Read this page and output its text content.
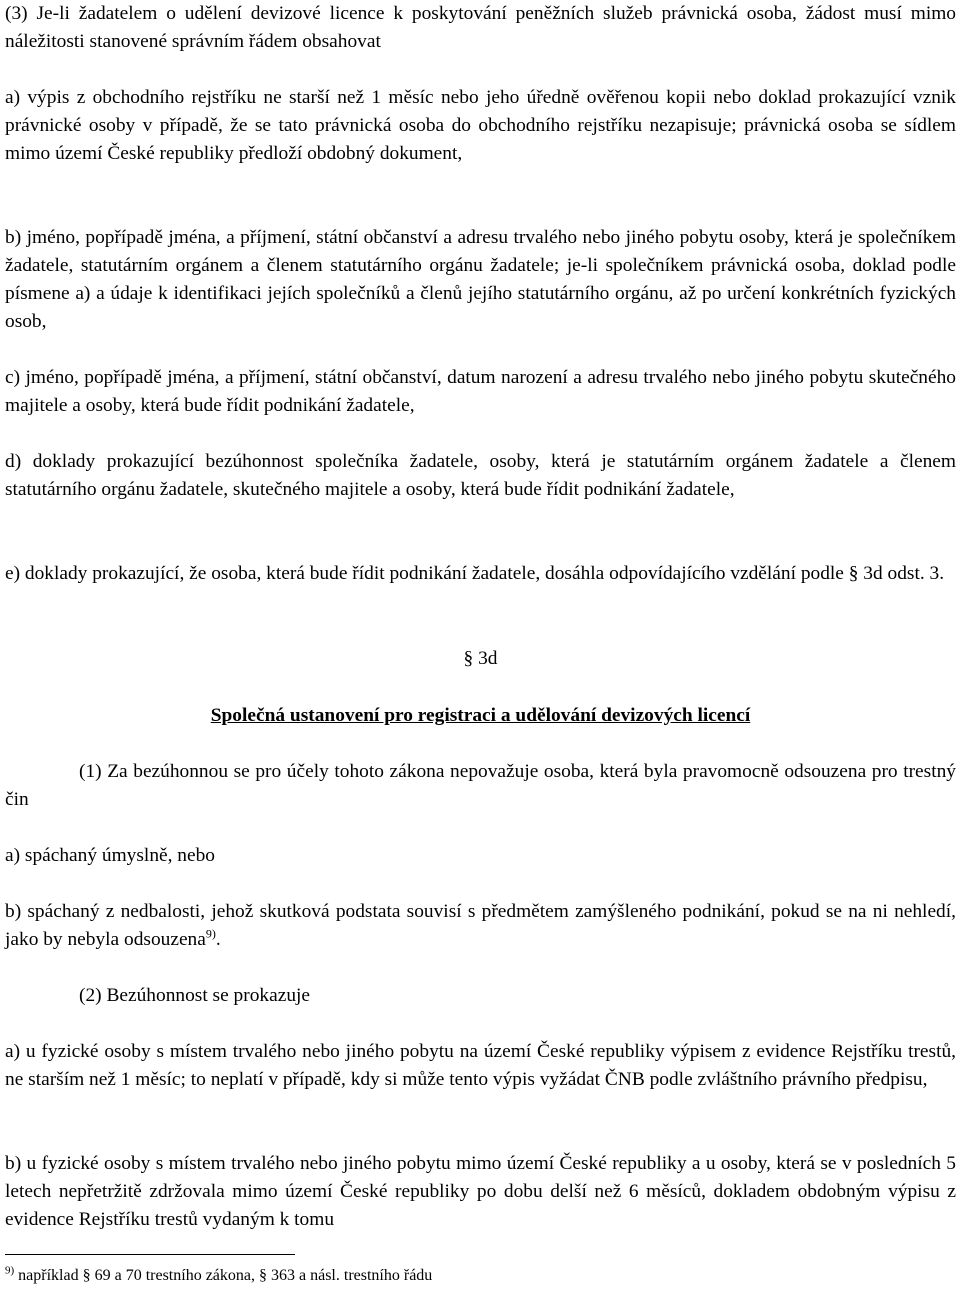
(3) Je-li žadatelem o udělení devizové licence k poskytování peněžních služeb právnická osoba, žádost musí mimo náležitosti stanovené správním řádem obsahovat

a) výpis z obchodního rejstříku ne starší než 1 měsíc nebo jeho úředně ověřenou kopii nebo doklad prokazující vznik právnické osoby v případě, že se tato právnická osoba do obchodního rejstříku nezapisuje; právnická osoba se sídlem mimo území České republiky předloží obdobný dokument,

b) jméno, popřípadě jména, a příjmení, státní občanství a adresu trvalého nebo jiného pobytu osoby, která je společníkem žadatele, statutárním orgánem a členem statutárního orgánu žadatele; je-li společníkem právnická osoba, doklad podle písmene a) a údaje k identifikaci jejích společníků a členů jejího statutárního orgánu, až po určení konkrétních fyzických osob,

c) jméno, popřípadě jména, a příjmení, státní občanství, datum narození a adresu trvalého nebo jiného pobytu skutečného majitele a osoby, která bude řídit podnikání žadatele,

d) doklady prokazující bezúhonnost společníka žadatele, osoby, která je statutárním orgánem žadatele a členem statutárního orgánu žadatele, skutečného majitele a osoby, která bude řídit podnikání žadatele,

e) doklady prokazující, že osoba, která bude řídit podnikání žadatele, dosáhla odpovídajícího vzdělání podle § 3d odst. 3.

§ 3d

Společná ustanovení pro registraci a udělování devizových licencí

(1) Za bezúhonnou se pro účely tohoto zákona nepovažuje osoba, která byla pravomocně odsouzena pro trestný čin

a) spáchaný úmyslně, nebo

b) spáchaný z nedbalosti, jehož skutková podstata souvisí s předmětem zamýšleného podnikání, pokud se na ni nehledí, jako by nebyla odsouzena$^{9)}$.

(2) Bezúhonnost se prokazuje

a) u fyzické osoby s místem trvalého nebo jiného pobytu na území České republiky výpisem z evidence Rejstříku trestů, ne starším než 1 měsíc; to neplatí v případě, kdy si může tento výpis vyžádat ČNB podle zvláštního právního předpisu,

b) u fyzické osoby s místem trvalého nebo jiného pobytu mimo území České republiky a u osoby, která se v posledních 5 letech nepřetržitě zdržovala mimo území České republiky po dobu delší než 6 měsíců, dokladem obdobným výpisu z evidence Rejstříku trestů vydaným k tomu

$^{9)}$ například § 69 a 70 trestního zákona, § 363 a násl. trestního řádu
